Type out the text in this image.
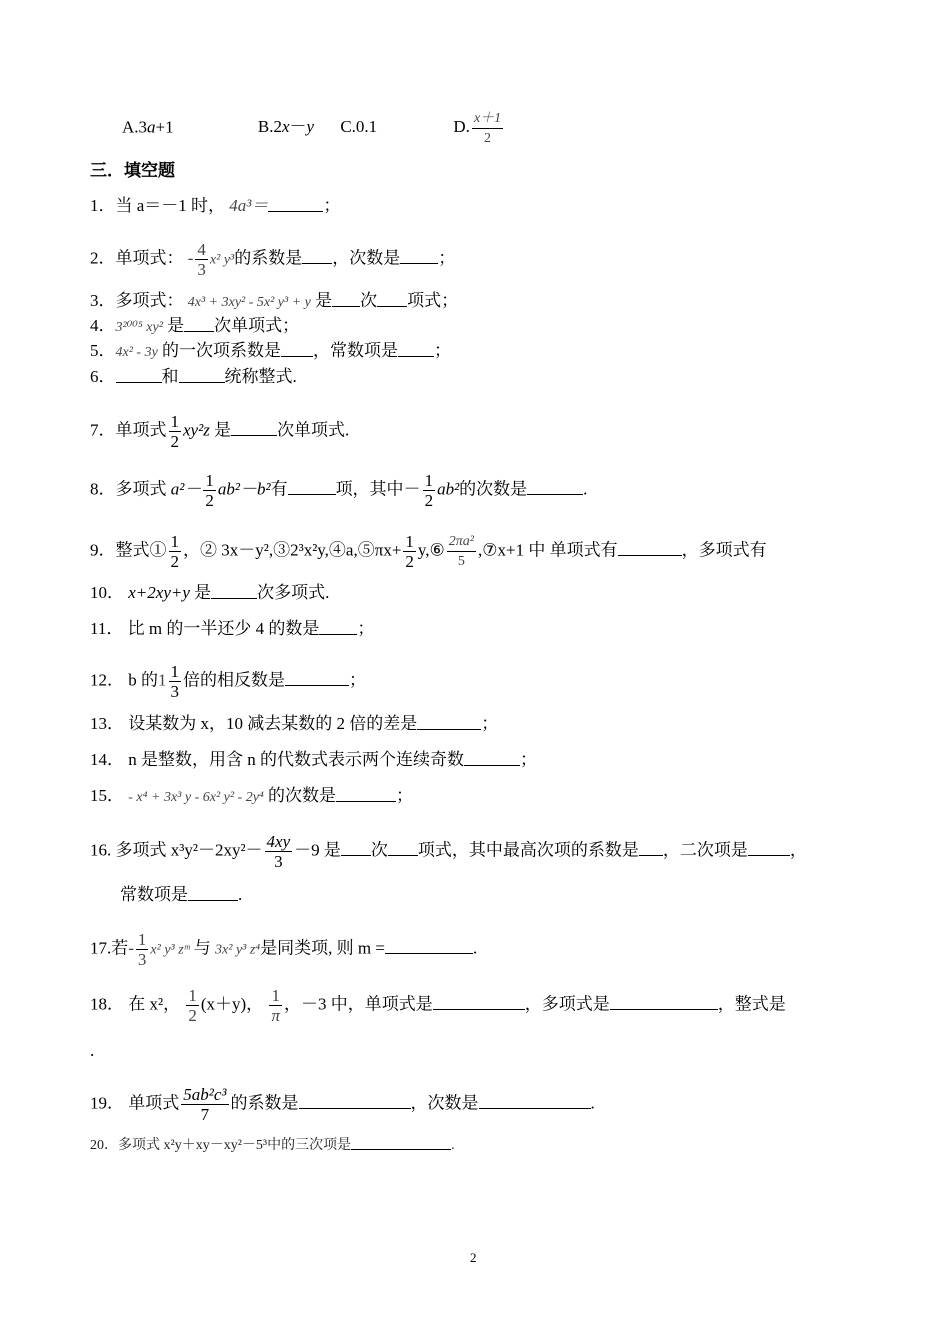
A.3a+1	B.2x－y C.0.1	D. $\frac{x+1}{2}$
三．填空题
1．当 a＝－1 时， 4a³＝	；
2．单项式： - $\frac{4}{3} x^2$ y³的系数是 ，次数是 ；
3．多项式： 4x³ + 3xy² - 5x² y³ + y 是 次 项式；
4．3²⁰⁰⁵ xy² 是 次单项式；
5．4x² - 3y 的一次项系数是 ，常数项是 ；
6．	和	统称整式.
7．单项式 $\frac{1}{2} xy^2z$ 是	次单项式.
8．多项式 $a^2- \frac{1}{2} ab^2-b^2$有	项，其中－ $\frac{1}{2} ab^2$的次数是	.
9．整式① $\frac{1}{2}$ ，② 3x－y²,③2³x²y,④a,⑤πx+ $\frac{1}{2}$ y,⑥ $\frac{\text{2πa²}}{5}$ ,⑦x+1 中 单项式有	，多项式有
10． x+2xy+y 是	次多项式.
11． 比 m 的一半还少 4 的数是 ；
12． b 的$1 \frac{1}{3}$ 倍的相反数是	；
13． 设某数为 x，10 减去某数的 2 倍的差是	；
14． n 是整数，用含 n 的代数式表示两个连续奇数	；
15． - x⁴ + 3x³ y - 6x² y² - 2y⁴ 的次数是	；
16. 多项式 $x^3y^2-2xy^2- \frac{4xy}{3} -9$ 是 次 项式，其中最高次项的系数是 ，二次项是 ，
常数项是	.
17.若- $\frac{1}{3} x^2$ y³ zᵐ 与 3x² y³ z⁴是同类项, 则 m =	.
18． 在 x²， $\frac{1}{2} (x+y)$， $\frac{1}{\pi}$ ，－3 中，单项式是	，多项式是	，整式是
.
19． 单项式 $\frac{\text{5ab²c³}}{7}$ 的系数是	，次数是	.
20．多项式 x²y＋xy－xy²－5³中的三次项是	.
2
